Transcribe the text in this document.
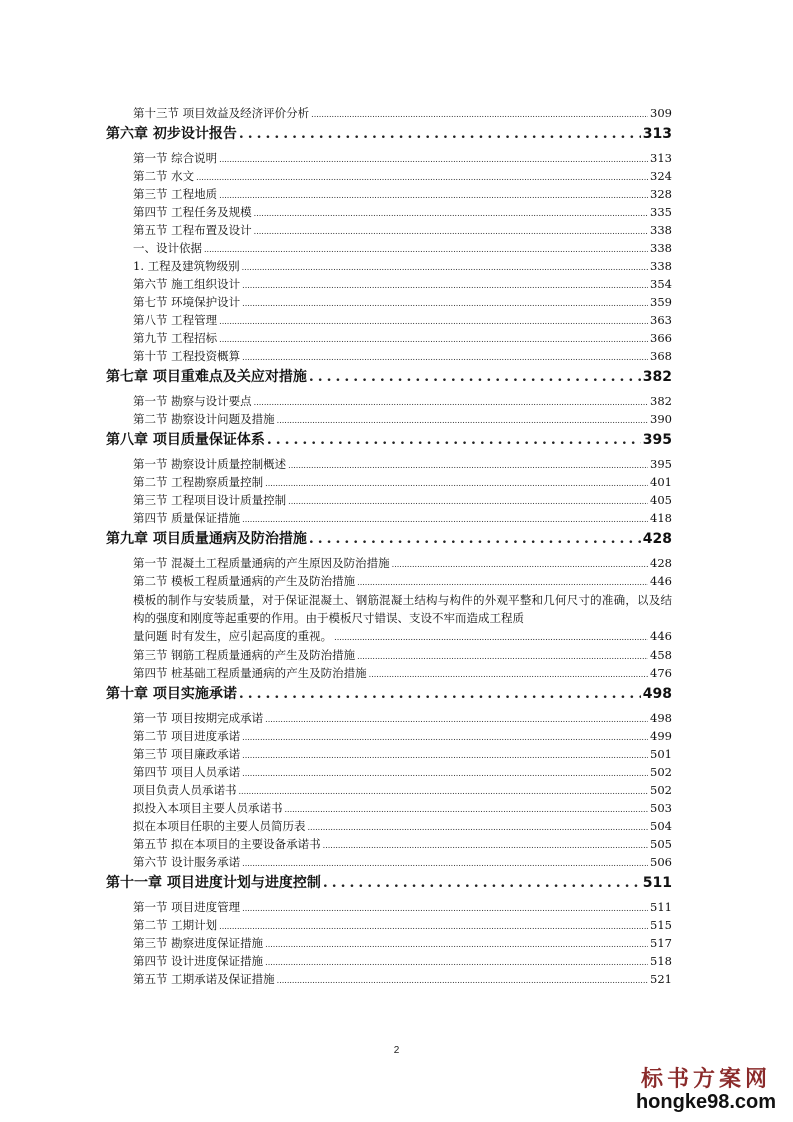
第十三节 项目效益及经济评价分析 .....	309
第六章 初步设计报告 .....	313
第一节 综合说明 .....	313
第二节 水文 .....	324
第三节 工程地质 .....	328
第四节 工程任务及规模 .....	335
第五节 工程布置及设计 .....	338
一、设计依据 .....	338
1. 工程及建筑物级别 .....	338
第六节 施工组织设计 .....	354
第七节 环境保护设计 .....	359
第八节 工程管理 .....	363
第九节 工程招标 .....	366
第十节 工程投资概算 .....	368
第七章 项目重难点及关应对措施 .....	382
第一节 勘察与设计要点 .....	382
第二节 勘察设计问题及措施 .....	390
第八章 项目质量保证体系 .....	395
第一节 勘察设计质量控制概述 .....	395
第二节 工程勘察质量控制 .....	401
第三节 工程项目设计质量控制 .....	405
第四节 质量保证措施 .....	418
第九章 项目质量通病及防治措施 .....	428
第一节 混凝土工程质量通病的产生原因及防治措施 .....	428
第二节 模板工程质量通病的产生及防治措施 .....	446
模板的制作与安装质量，对于保证混凝土、钢筋混凝土结构与构件的外观平整和几何尺寸的准确，以及结构的强度和刚度等起重要的作用。由于模板尺寸错误、支设不牢而造成工程质
量问题 时有发生，应引起高度的重视。 .....	446
第三节 钢筋工程质量通病的产生及防治措施 .....	458
第四节 桩基础工程质量通病的产生及防治措施 .....	476
第十章 项目实施承诺 .....	498
第一节 项目按期完成承诺 .....	498
第二节 项目进度承诺 .....	499
第三节 项目廉政承诺 .....	501
第四节 项目人员承诺 .....	502
项目负责人员承诺书 .....	502
拟投入本项目主要人员承诺书 .....	503
拟在本项目任职的主要人员简历表 .....	504
第五节 拟在本项目的主要设备承诺书 .....	505
第六节 设计服务承诺 .....	506
第十一章 项目进度计划与进度控制 .....	511
第一节 项目进度管理 .....	511
第二节 工期计划 .....	515
第三节 勘察进度保证措施 .....	517
第四节 设计进度保证措施 .....	518
第五节 工期承诺及保证措施 .....	521
2
标书方案网
hongke98.com
